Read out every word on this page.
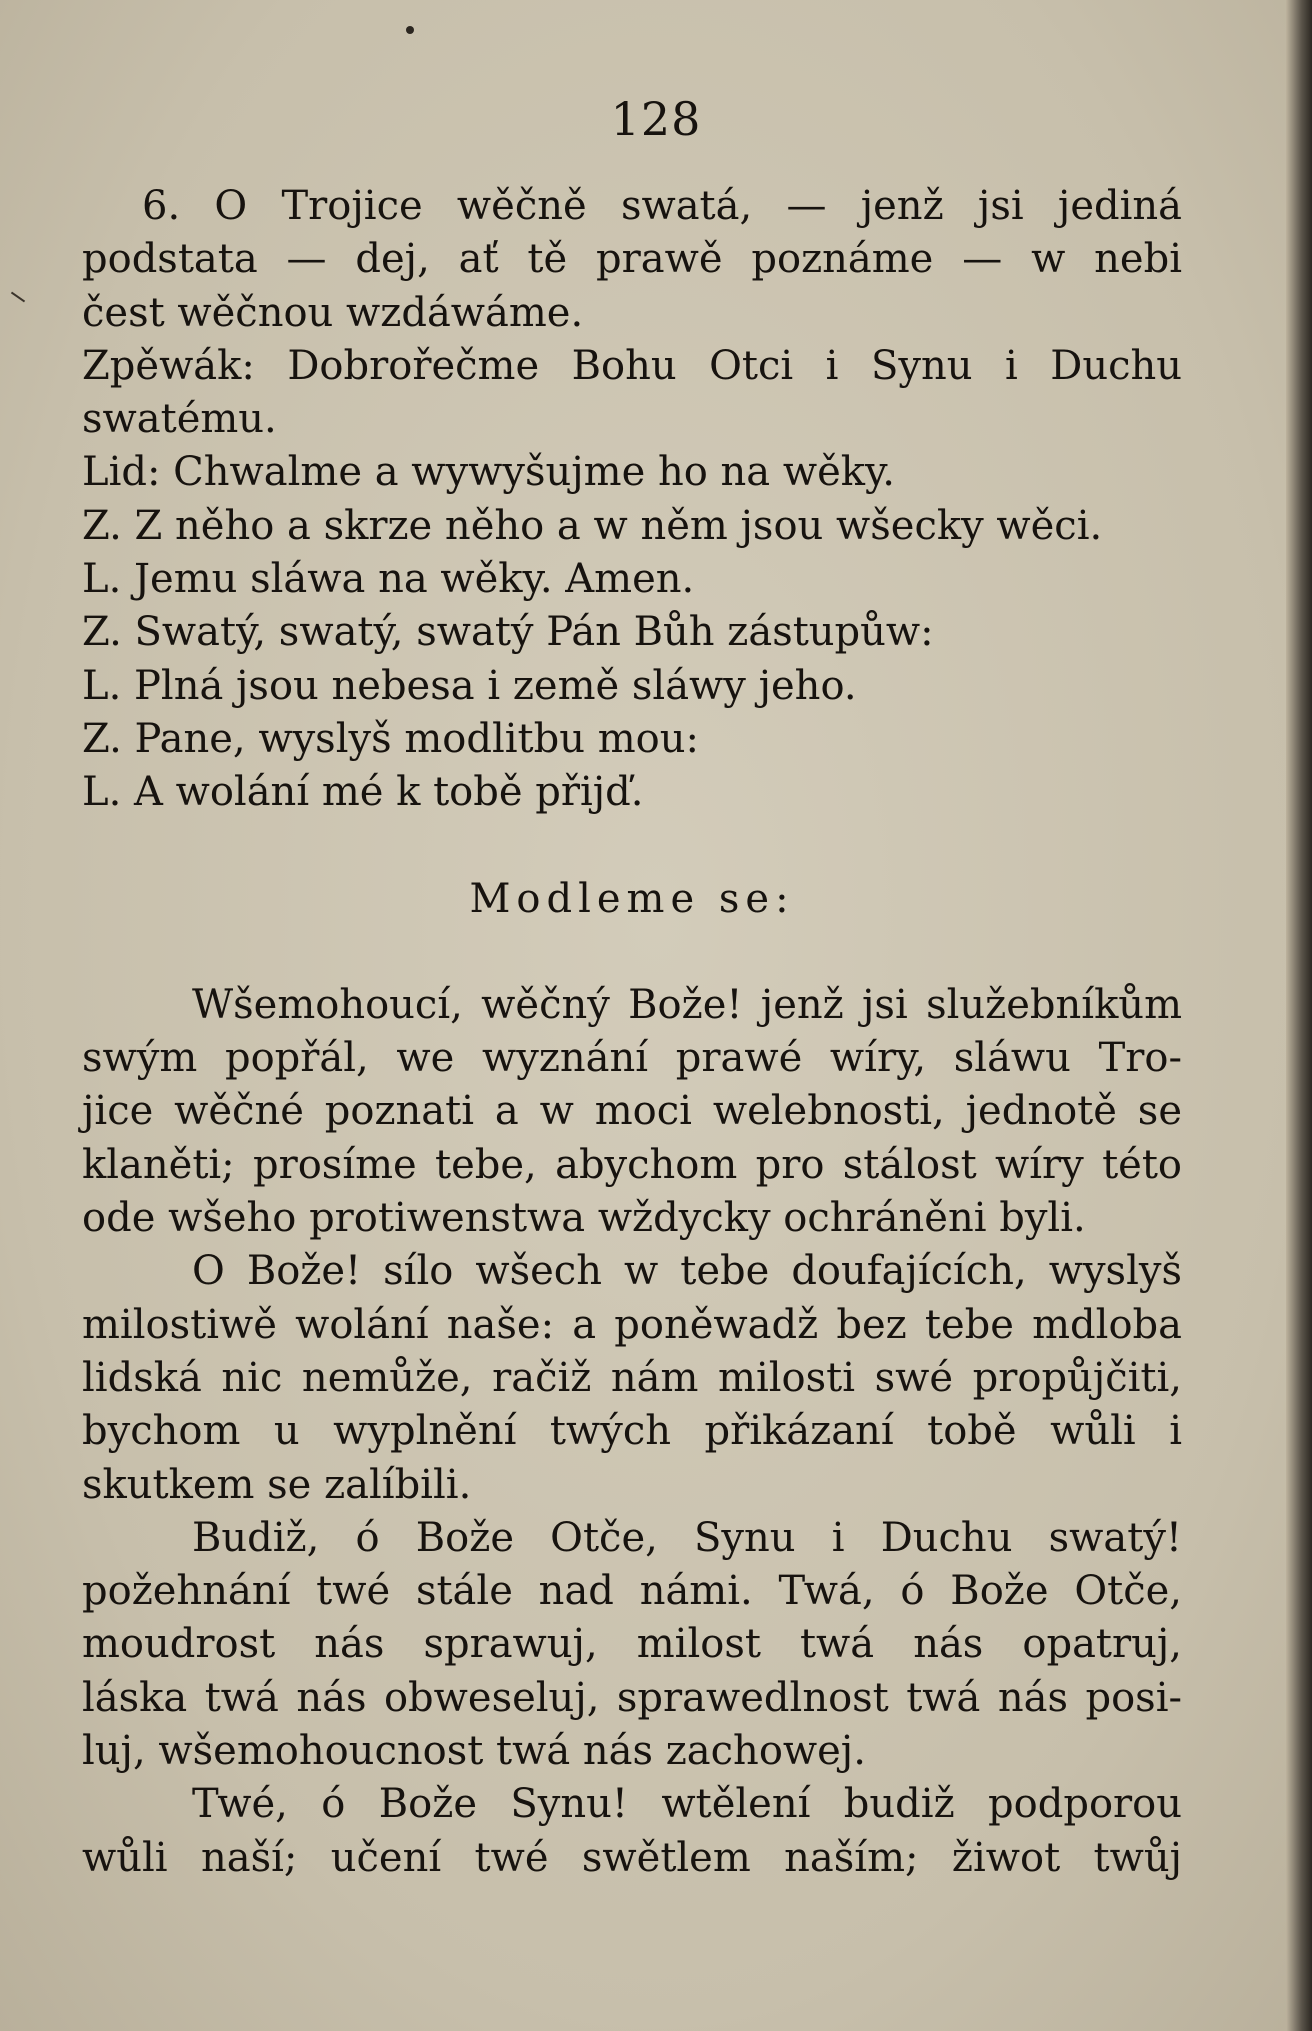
128
6. O Trojice wěčně swatá, — jenž jsi jediná
podstata — dej, ať tě prawě poznáme — w nebi
čest wěčnou wzdáwáme.
Zpěwák: Dobrořečme Bohu Otci i Synu i Duchu
swatému.
Lid: Chwalme a wywyšujme ho na wěky.
Z. Z něho a skrze něho a w něm jsou wšecky wěci.
L. Jemu sláwa na wěky. Amen.
Z. Swatý, swatý, swatý Pán Bůh zástupůw:
L. Plná jsou nebesa i země sláwy jeho.
Z. Pane, wyslyš modlitbu mou:
L. A wolání mé k tobě přijď.
Modleme se:
Wšemohoucí, wěčný Bože! jenž jsi služebníkům
swým popřál, we wyznání prawé wíry, sláwu Tro-
jice wěčné poznati a w moci welebnosti, jednotě se
klaněti; prosíme tebe, abychom pro stálost wíry této
ode wšeho protiwenstwa wždycky ochráněni byli.
O Bože! sílo wšech w tebe doufajících, wyslyš
milostiwě wolání naše: a poněwadž bez tebe mdloba
lidská nic nemůže, račiž nám milosti swé propůjčiti,
bychom u wyplnění twých přikázaní tobě wůli i
skutkem se zalíbili.
Budiž, ó Bože Otče, Synu i Duchu swatý!
požehnání twé stále nad námi. Twá, ó Bože Otče,
moudrost nás sprawuj, milost twá nás opatruj,
láska twá nás obweseluj, sprawedlnost twá nás posi-
luj, wšemohoucnost twá nás zachowej.
Twé, ó Bože Synu! wtělení budiž podporou
wůli naší; učení twé swětlem naším; žiwot twůj
